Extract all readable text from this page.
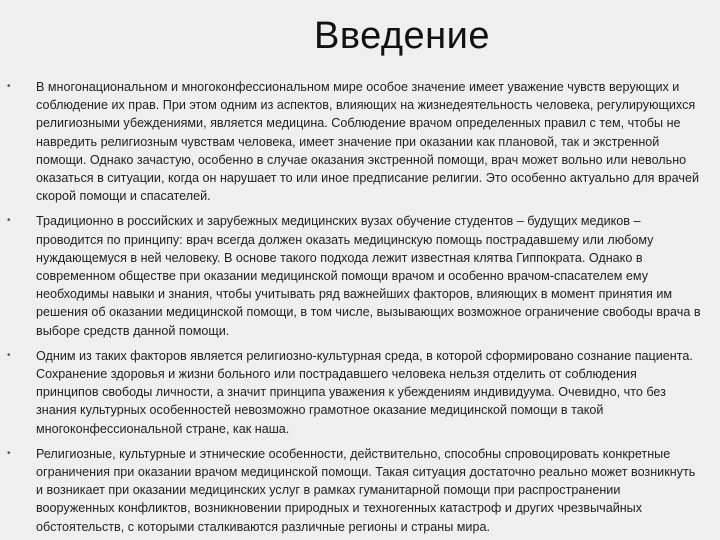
Введение
• В многонациональном и многоконфессиональном мире особое значение имеет уважение чувств верующих и соблюдение их прав. При этом одним из аспектов, влияющих на жизнедеятельность человека, регулирующихся религиозными убеждениями, является медицина. Соблюдение врачом определенных правил с тем, чтобы не навредить религиозным чувствам человека, имеет значение при оказании как плановой, так и экстренной помощи. Однако зачастую, особенно в случае оказания экстренной помощи, врач может вольно или невольно оказаться в ситуации, когда он нарушает то или иное предписание религии. Это особенно актуально для врачей скорой помощи и спасателей.
• Традиционно в российских и зарубежных медицинских вузах обучение студентов – будущих медиков – проводится по принципу: врач всегда должен оказать медицинскую помощь пострадавшему или любому нуждающемуся в ней человеку. В основе такого подхода лежит известная клятва Гиппократа. Однако в современном обществе при оказании медицинской помощи врачом и особенно врачом-спасателем ему необходимы навыки и знания, чтобы учитывать ряд важнейших факторов, влияющих в момент принятия им решения об оказании медицинской помощи, в том числе, вызывающих возможное ограничение свободы врача в выборе средств данной помощи.
• Одним из таких факторов является религиозно-культурная среда, в которой сформировано сознание пациента. Сохранение здоровья и жизни больного или пострадавшего человека нельзя отделить от соблюдения принципов свободы личности, а значит принципа уважения к убеждениям индивидуума. Очевидно, что без знания культурных особенностей невозможно грамотное оказание медицинской помощи в такой многоконфессиональной стране, как наша.
• Религиозные, культурные и этнические особенности, действительно, способны спровоцировать конкретные ограничения при оказании врачом медицинской помощи. Такая ситуация достаточно реально может возникнуть и возникает при оказании медицинских услуг в рамках гуманитарной помощи при распространении вооруженных конфликтов, возникновении природных и техногенных катастроф и других чрезвычайных обстоятельств, с которыми сталкиваются различные регионы и страны мира.
